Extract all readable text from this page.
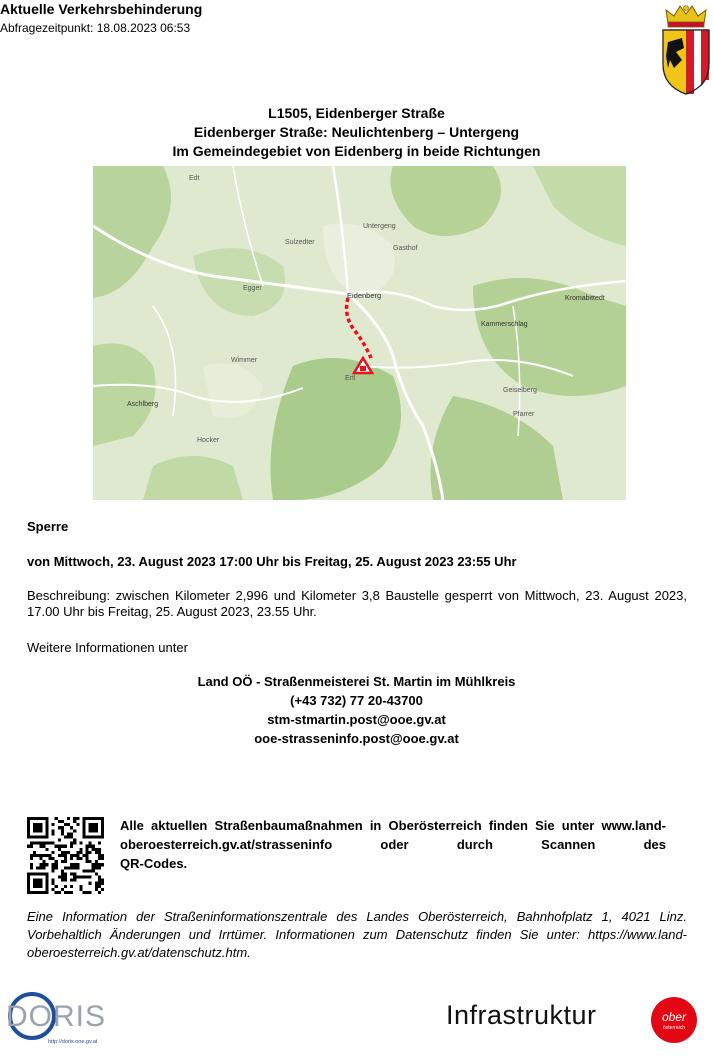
Aktuelle Verkehrsbehinderung
Abfragezeitpunkt: 18.08.2023 06:53
L1505, Eidenberger Straße
Eidenberger Straße: Neulichtenberg – Untergeng
Im Gemeindegebiet von Eidenberg in beide Richtungen
Edt
Eidenberg	Kromabittedt
Kammerschlag
Aschlberg
Egger
Wimmer
Hocker
Sulzedter
Untergeng
Gasthof
Ertl
Geiselberg
Pfarrer
Sperre
von Mittwoch, 23. August 2023 17:00 Uhr bis Freitag, 25. August 2023 23:55 Uhr
Beschreibung: zwischen Kilometer 2,996 und Kilometer 3,8 Baustelle gesperrt von Mittwoch, 23. August 2023, 17.00 Uhr bis Freitag, 25. August 2023, 23.55 Uhr.
Weitere Informationen unter
Land OÖ - Straßenmeisterei St. Martin im Mühlkreis
(+43 732) 77 20-43700
stm-stmartin.post@ooe.gv.at
ooe-strasseninfo.post@ooe.gv.at
Alle aktuellen Straßenbaumaßnahmen in Oberösterreich finden Sie unter www.land-oberoesterreich.gv.at/strasseninfo oder durch Scannen des
QR-Codes.
Eine Information der Straßeninformationszentrale des Landes Oberösterreich, Bahnhofplatz 1, 4021 Linz. Vorbehaltlich Änderungen und Irrtümer. Informationen zum Datenschutz finden Sie unter: https://www.land-oberoesterreich.gv.at/datenschutz.htm.
DORIS
http://doris.ooe.gv.at
Infrastruktur	ober
österreich
